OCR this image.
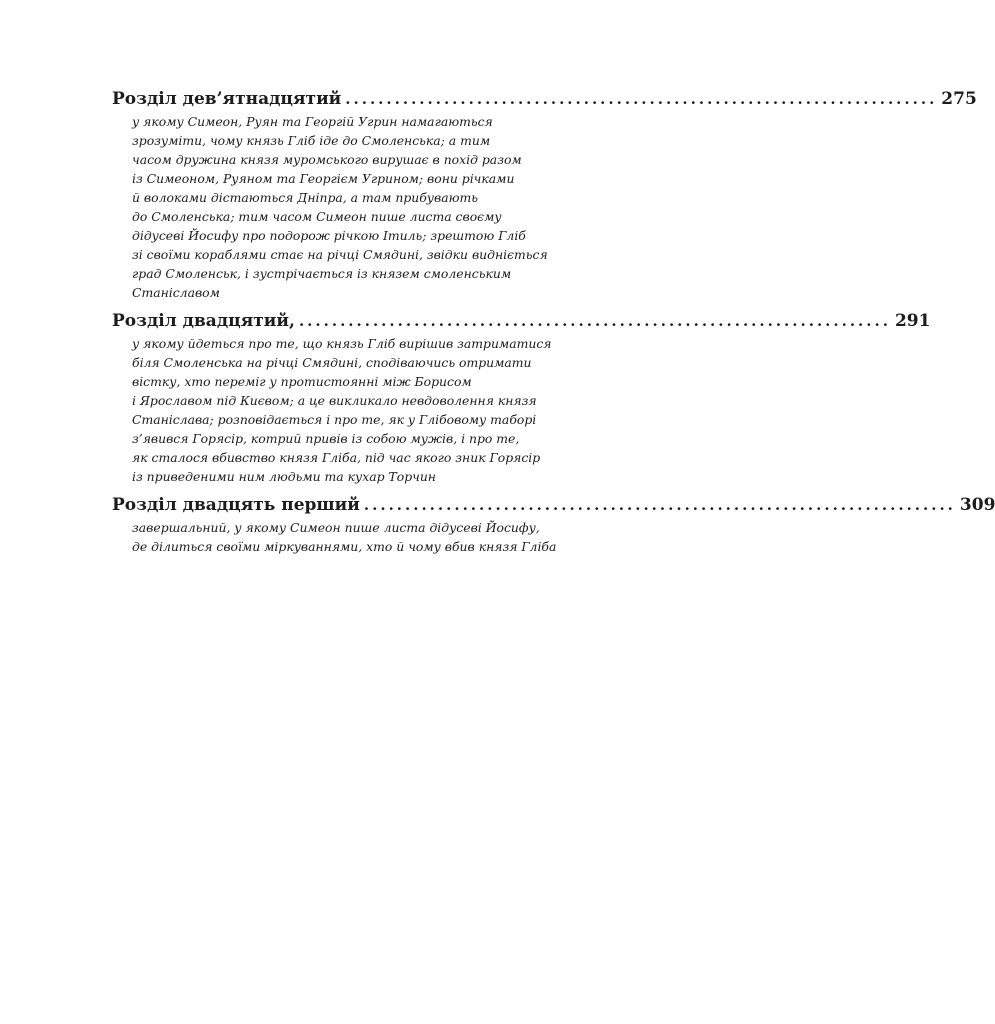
Розділ дев’ятнадцятий ........................................................................ 275

у якому Симеон, Руян та Георгій Угрин намагаються
зрозуміти, чому князь Гліб іде до Смоленська; а тим
часом дружина князя муромського вирушає в похід разом
із Симеоном, Руяном та Георгієм Угрином; вони річками
й волоками дістаються Дніпра, а там прибувають
до Смоленська; тим часом Симеон пише листа своєму
дідусеві Йосифу про подорож річкою Ітиль; зрештою Гліб
зі своїми кораблями стає на річці Смядині, звідки видніється
град Смоленськ, і зустрічається із князем смоленським
Станіславом

Розділ двадцятий, ........................................................................ 291

у якому йдеться про те, що князь Гліб вирішив затриматися
біля Смоленська на річці Смядині, сподіваючись отримати
вістку, хто переміг у протистоянні між Борисом
і Ярославом під Києвом; а це викликало невдоволення князя
Станіслава; розповідається і про те, як у Глібовому таборі
з’явився Горясір, котрий привів із собою мужів, і про те,
як сталося вбивство князя Гліба, під час якого зник Горясір
із приведеними ним людьми та кухар Торчин

Розділ двадцять перший ........................................................................ 309

завершальний, у якому Симеон пише листа дідусеві Йосифу,
де ділиться своїми міркуваннями, хто й чому вбив князя Гліба
